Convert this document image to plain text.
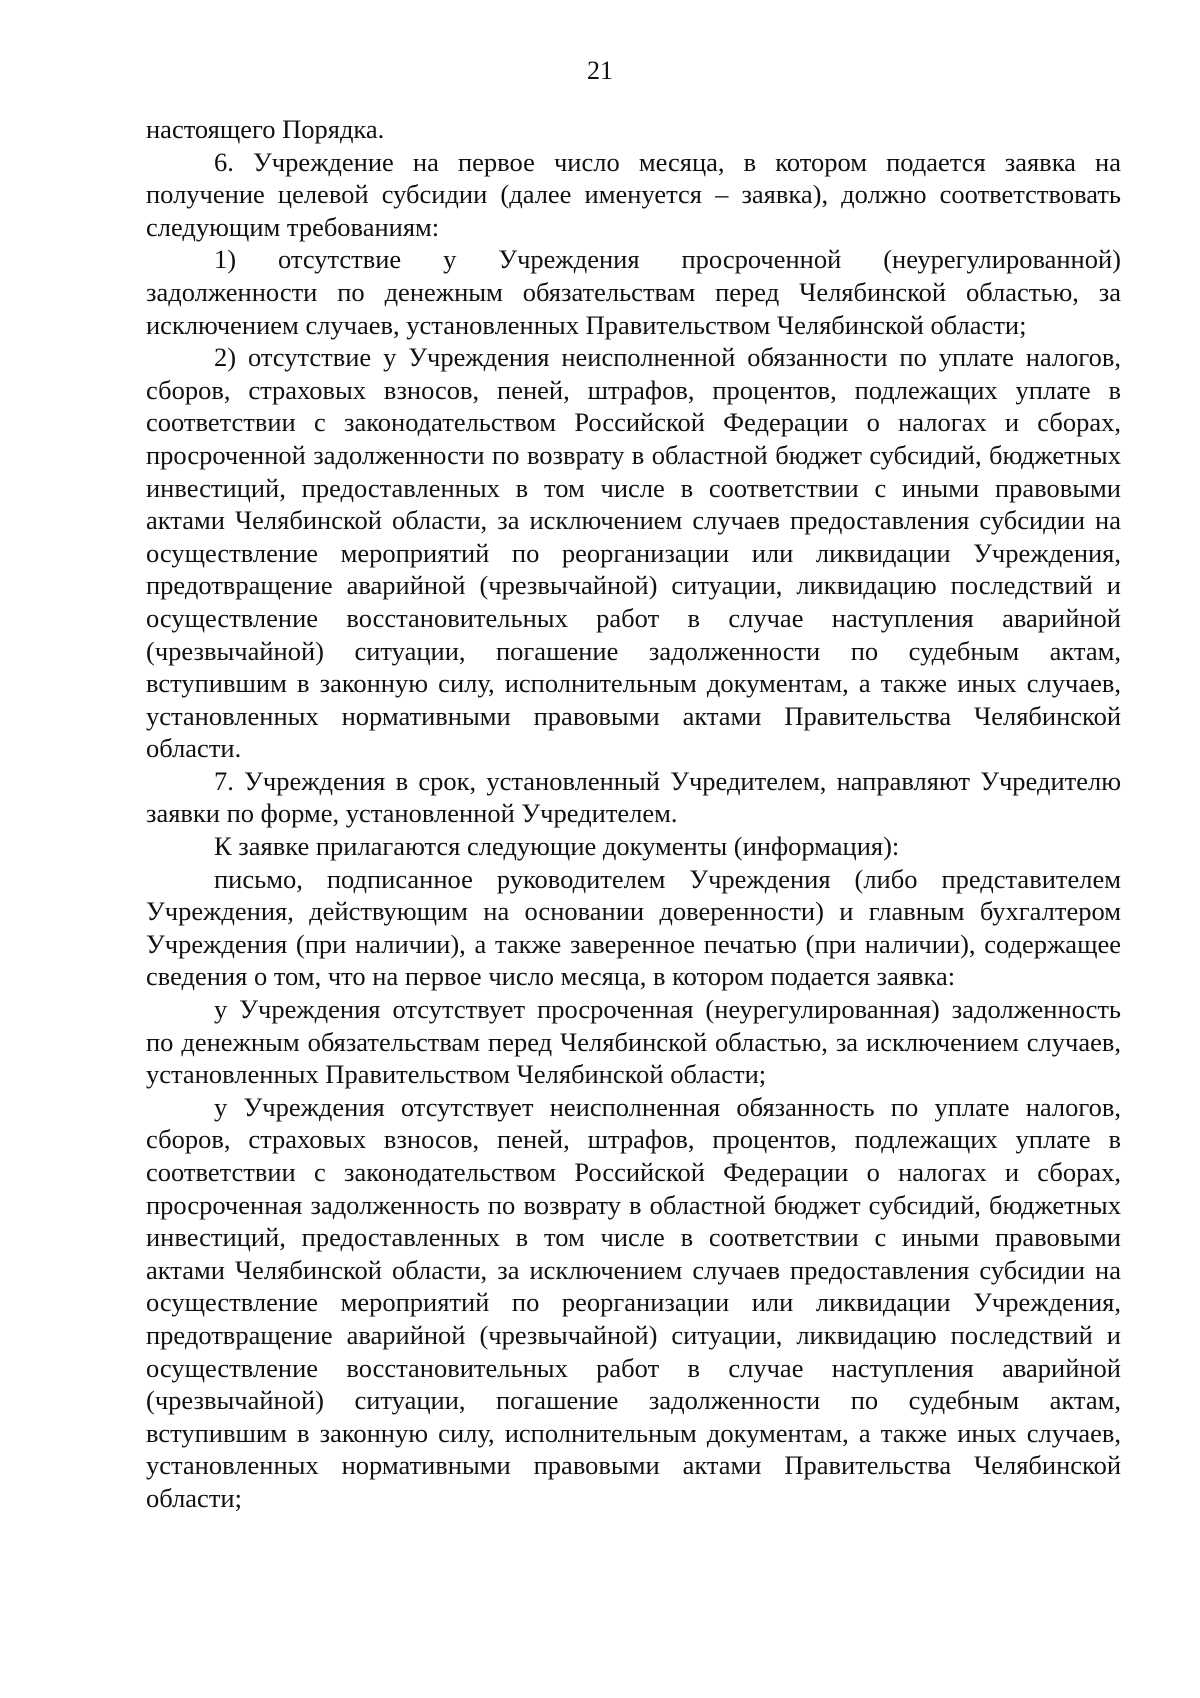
21

настоящего Порядка.

6. Учреждение на первое число месяца, в котором подается заявка на получение целевой субсидии (далее именуется – заявка), должно соответствовать следующим требованиям:

1) отсутствие у Учреждения просроченной (неурегулированной) задолженности по денежным обязательствам перед Челябинской областью, за исключением случаев, установленных Правительством Челябинской области;

2) отсутствие у Учреждения неисполненной обязанности по уплате налогов, сборов, страховых взносов, пеней, штрафов, процентов, подлежащих уплате в соответствии с законодательством Российской Федерации о налогах и сборах, просроченной задолженности по возврату в областной бюджет субсидий, бюджетных инвестиций, предоставленных в том числе в соответствии с иными правовыми актами Челябинской области, за исключением случаев предоставления субсидии на осуществление мероприятий по реорганизации или ликвидации Учреждения, предотвращение аварийной (чрезвычайной) ситуации, ликвидацию последствий и осуществление восстановительных работ в случае наступления аварийной (чрезвычайной) ситуации, погашение задолженности по судебным актам, вступившим в законную силу, исполнительным документам, а также иных случаев, установленных нормативными правовыми актами Правительства Челябинской области.

7. Учреждения в срок, установленный Учредителем, направляют Учредителю заявки по форме, установленной Учредителем.

К заявке прилагаются следующие документы (информация):

письмо, подписанное руководителем Учреждения (либо представителем Учреждения, действующим на основании доверенности) и главным бухгалтером Учреждения (при наличии), а также заверенное печатью (при наличии), содержащее сведения о том, что на первое число месяца, в котором подается заявка:

у Учреждения отсутствует просроченная (неурегулированная) задолженность по денежным обязательствам перед Челябинской областью, за исключением случаев, установленных Правительством Челябинской области;

у Учреждения отсутствует неисполненная обязанность по уплате налогов, сборов, страховых взносов, пеней, штрафов, процентов, подлежащих уплате в соответствии с законодательством Российской Федерации о налогах и сборах, просроченная задолженность по возврату в областной бюджет субсидий, бюджетных инвестиций, предоставленных в том числе в соответствии с иными правовыми актами Челябинской области, за исключением случаев предоставления субсидии на осуществление мероприятий по реорганизации или ликвидации Учреждения, предотвращение аварийной (чрезвычайной) ситуации, ликвидацию последствий и осуществление восстановительных работ в случае наступления аварийной (чрезвычайной) ситуации, погашение задолженности по судебным актам, вступившим в законную силу, исполнительным документам, а также иных случаев, установленных нормативными правовыми актами Правительства Челябинской области;
